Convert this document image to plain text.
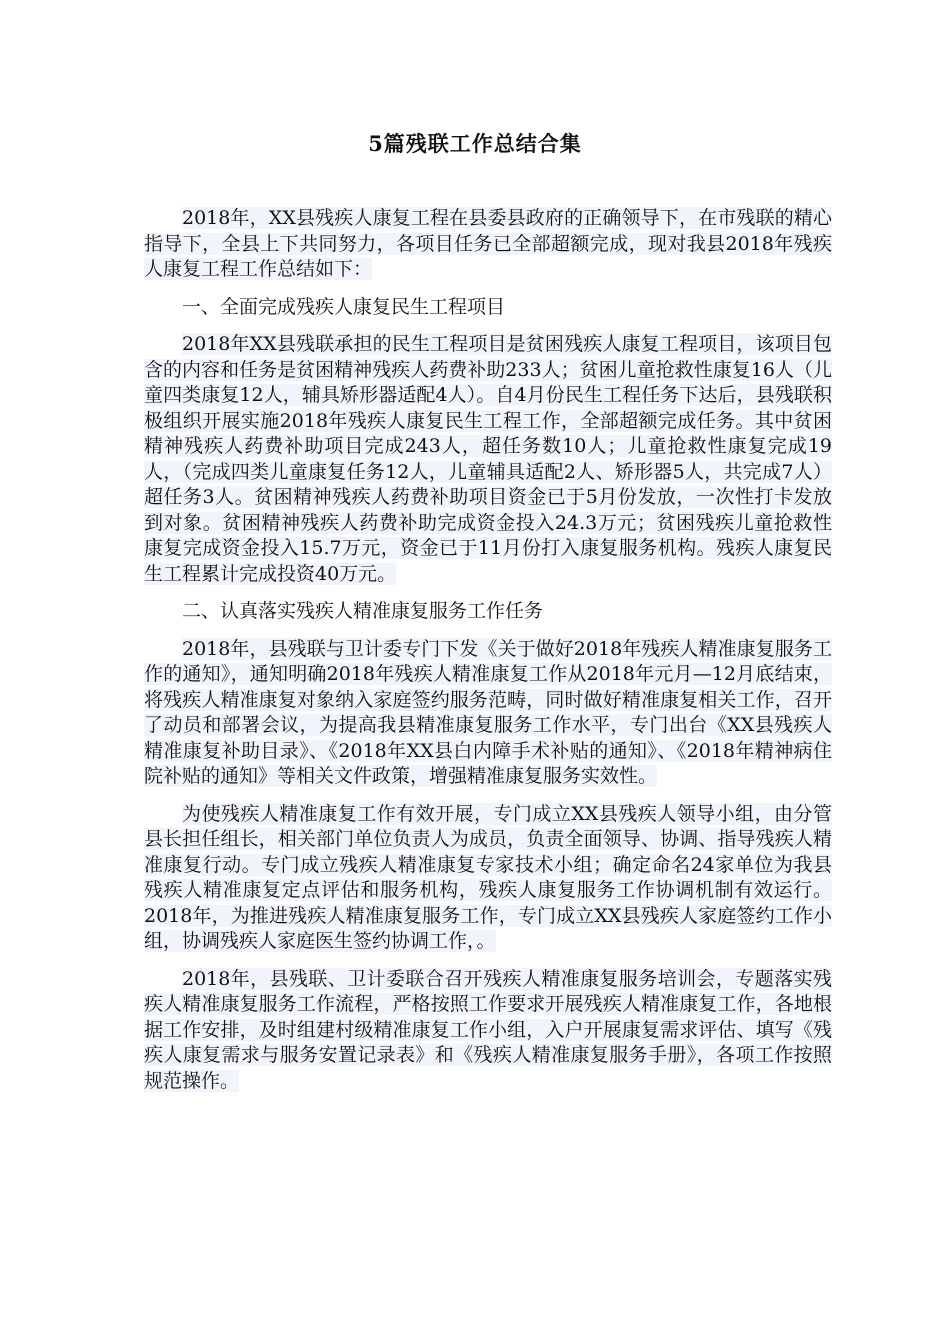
5篇残联工作总结合集

2018年，XX县残疾人康复工程在县委县政府的正确领导下，在市残联的精心指导下，全县上下共同努力，各项目任务已全部超额完成，现对我县2018年残疾人康复工程工作总结如下：

一、全面完成残疾人康复民生工程项目

2018年XX县残联承担的民生工程项目是贫困残疾人康复工程项目，该项目包含的内容和任务是贫困精神残疾人药费补助233人；贫困儿童抢救性康复16人（儿童四类康复12人，辅具矫形器适配4人）。自4月份民生工程任务下达后，县残联积极组织开展实施2018年残疾人康复民生工程工作，全部超额完成任务。其中贫困精神残疾人药费补助项目完成243人，超任务数10人；儿童抢救性康复完成19人，（完成四类儿童康复任务12人，儿童辅具适配2人、矫形器5人，共完成7人）超任务3人。贫困精神残疾人药费补助项目资金已于5月份发放，一次性打卡发放到对象。贫困精神残疾人药费补助完成资金投入24.3万元；贫困残疾儿童抢救性康复完成资金投入15.7万元，资金已于11月份打入康复服务机构。残疾人康复民生工程累计完成投资40万元。

二、认真落实残疾人精准康复服务工作任务

2018年，县残联与卫计委专门下发《关于做好2018年残疾人精准康复服务工作的通知》，通知明确2018年残疾人精准康复工作从2018年元月—12月底结束，将残疾人精准康复对象纳入家庭签约服务范畴，同时做好精准康复相关工作，召开了动员和部署会议，为提高我县精准康复服务工作水平，专门出台《XX县残疾人精准康复补助目录》、《2018年XX县白内障手术补贴的通知》、《2018年精神病住院补贴的通知》等相关文件政策，增强精准康复服务实效性。

为使残疾人精准康复工作有效开展，专门成立XX县残疾人领导小组，由分管县长担任组长，相关部门单位负责人为成员，负责全面领导、协调、指导残疾人精准康复行动。专门成立残疾人精准康复专家技术小组；确定命名24家单位为我县残疾人精准康复定点评估和服务机构，残疾人康复服务工作协调机制有效运行。2018年，为推进残疾人精准康复服务工作，专门成立XX县残疾人家庭签约工作小组，协调残疾人家庭医生签约协调工作，。

2018年，县残联、卫计委联合召开残疾人精准康复服务培训会，专题落实残疾人精准康复服务工作流程，严格按照工作要求开展残疾人精准康复工作，各地根据工作安排，及时组建村级精准康复工作小组，入户开展康复需求评估、填写《残疾人康复需求与服务安置记录表》和《残疾人精准康复服务手册》，各项工作按照规范操作。
